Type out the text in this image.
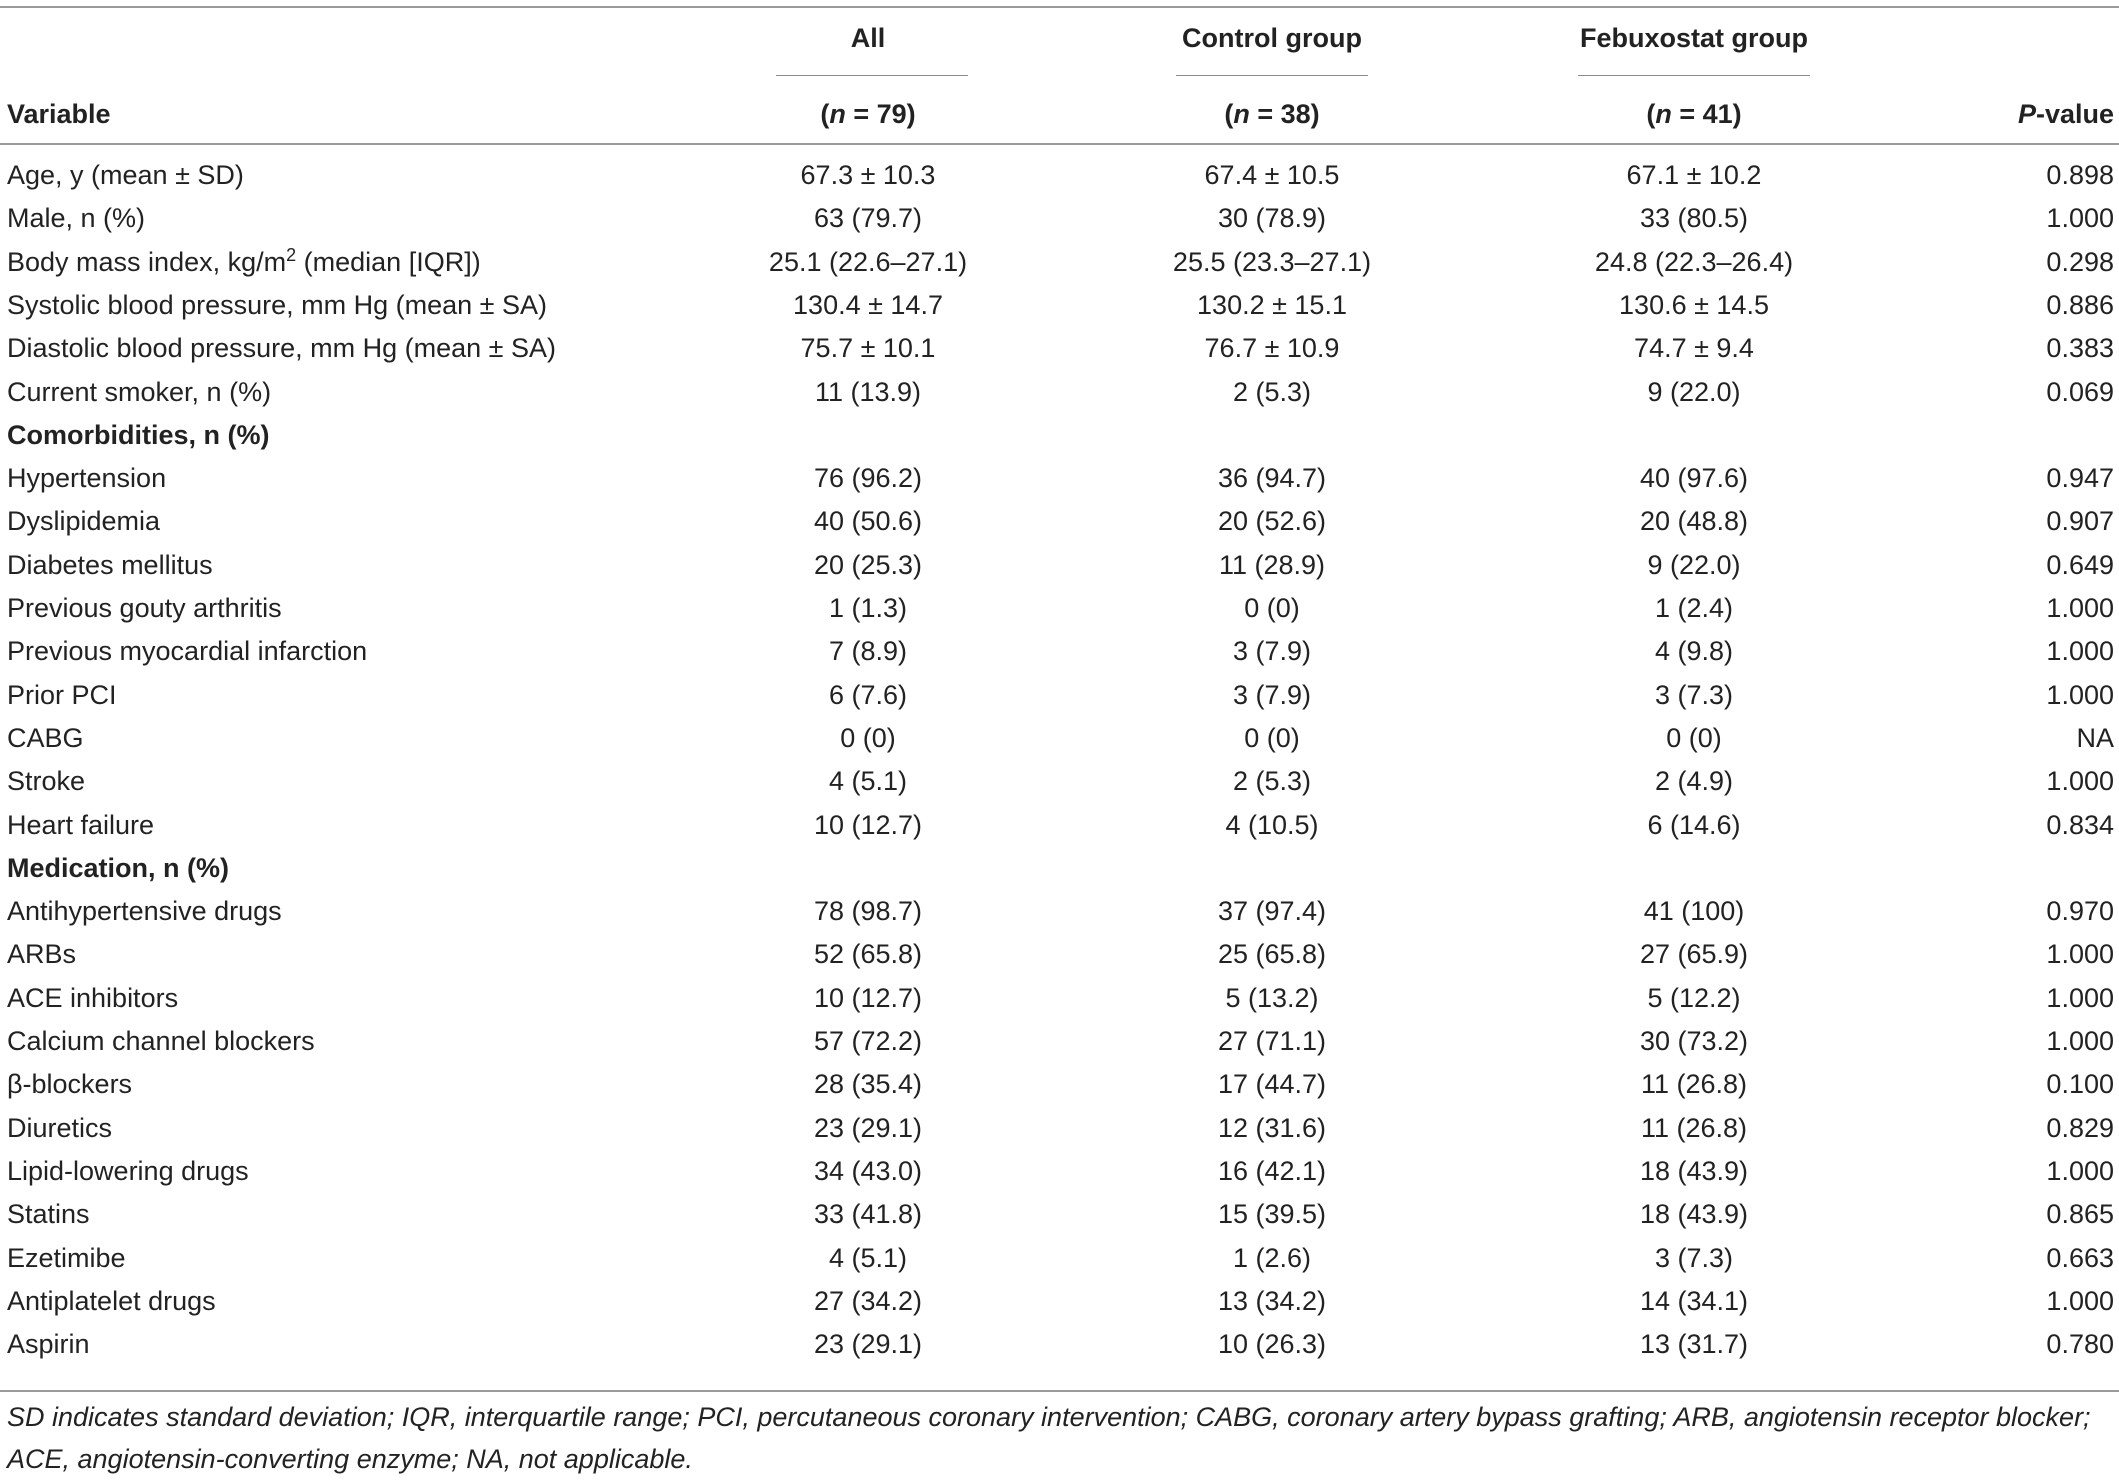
All	Control group	Febuxostat group
Variable	(n = 79)	(n = 38)	(n = 41)	P-value
Age, y (mean ± SD)	67.3 ± 10.3	67.4 ± 10.5	67.1 ± 10.2	0.898
Male, n (%)	63 (79.7)	30 (78.9)	33 (80.5)	1.000
Body mass index, $kg/m^2$ (median [IQR])	25.1 (22.6–27.1)	25.5 (23.3–27.1)	24.8 (22.3–26.4)	0.298
Systolic blood pressure, mm Hg (mean ± SA)	130.4 ± 14.7	130.2 ± 15.1	130.6 ± 14.5	0.886
Diastolic blood pressure, mm Hg (mean ± SA)	75.7 ± 10.1	76.7 ± 10.9	74.7 ± 9.4	0.383
Current smoker, n (%)	11 (13.9)	2 (5.3)	9 (22.0)	0.069
Comorbidities, n (%)
Hypertension	76 (96.2)	36 (94.7)	40 (97.6)	0.947
Dyslipidemia	40 (50.6)	20 (52.6)	20 (48.8)	0.907
Diabetes mellitus	20 (25.3)	11 (28.9)	9 (22.0)	0.649
Previous gouty arthritis	1 (1.3)	0 (0)	1 (2.4)	1.000
Previous myocardial infarction	7 (8.9)	3 (7.9)	4 (9.8)	1.000
Prior PCI	6 (7.6)	3 (7.9)	3 (7.3)	1.000
CABG	0 (0)	0 (0)	0 (0)	NA
Stroke	4 (5.1)	2 (5.3)	2 (4.9)	1.000
Heart failure	10 (12.7)	4 (10.5)	6 (14.6)	0.834
Medication, n (%)
Antihypertensive drugs	78 (98.7)	37 (97.4)	41 (100)	0.970
ARBs	52 (65.8)	25 (65.8)	27 (65.9)	1.000
ACE inhibitors	10 (12.7)	5 (13.2)	5 (12.2)	1.000
Calcium channel blockers	57 (72.2)	27 (71.1)	30 (73.2)	1.000
β-blockers	28 (35.4)	17 (44.7)	11 (26.8)	0.100
Diuretics	23 (29.1)	12 (31.6)	11 (26.8)	0.829
Lipid-lowering drugs	34 (43.0)	16 (42.1)	18 (43.9)	1.000
Statins	33 (41.8)	15 (39.5)	18 (43.9)	0.865
Ezetimibe	4 (5.1)	1 (2.6)	3 (7.3)	0.663
Antiplatelet drugs	27 (34.2)	13 (34.2)	14 (34.1)	1.000
Aspirin	23 (29.1)	10 (26.3)	13 (31.7)	0.780
SD indicates standard deviation; IQR, interquartile range; PCI, percutaneous coronary intervention; CABG, coronary artery bypass grafting; ARB, angiotensin receptor blocker; ACE, angiotensin-converting enzyme; NA, not applicable.
